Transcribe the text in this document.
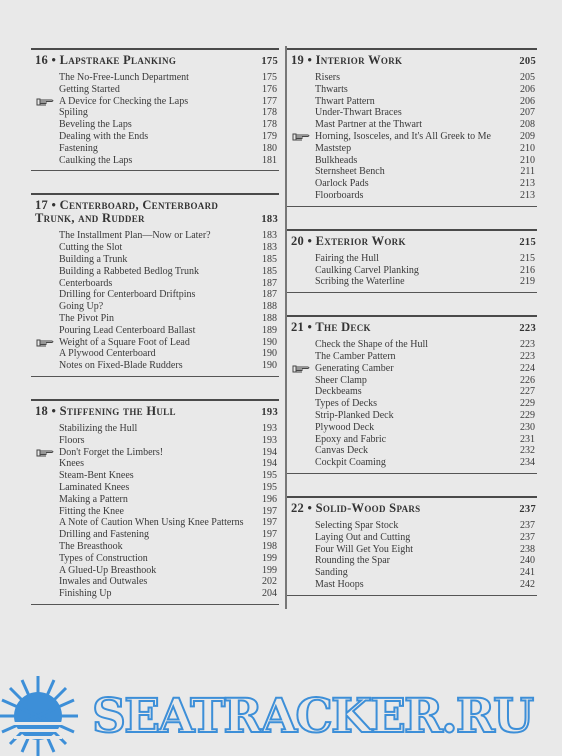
16 • Lapstrake Planking	175
The No-Free-Lunch Department	175
Getting Started	176
A Device for Checking the Laps	177
Spiling	178
Beveling the Laps	178
Dealing with the Ends	179
Fastening	180
Caulking the Laps	181
17 • Centerboard, Centerboard
Trunk, and Rudder	183
The Installment Plan—Now or Later?	183
Cutting the Slot	183
Building a Trunk	185
Building a Rabbeted Bedlog Trunk	185
Centerboards	187
Drilling for Centerboard Driftpins	187
Going Up?	188
The Pivot Pin	188
Pouring Lead Centerboard Ballast	189
Weight of a Square Foot of Lead	190
A Plywood Centerboard	190
Notes on Fixed-Blade Rudders	190
18 • Stiffening the Hull	193
Stabilizing the Hull	193
Floors	193
Don't Forget the Limbers!	194
Knees	194
Steam-Bent Knees	195
Laminated Knees	195
Making a Pattern	196
Fitting the Knee	197
A Note of Caution When Using Knee Patterns 197
Drilling and Fastening	197
The Breasthook	198
Types of Construction	199
A Glued-Up Breasthook	199
Inwales and Outwales	202
Finishing Up	204
19 • Interior Work	205
Risers	205
Thwarts	206
Thwart Pattern	206
Under-Thwart Braces	207
Mast Partner at the Thwart	208
Horning, Isosceles, and It's All Greek to Me	209
Maststep	210
Bulkheads	210
Sternsheet Bench	211
Oarlock Pads	213
Floorboards	213
20 • Exterior Work	215
Fairing the Hull	215
Caulking Carvel Planking	216
Scribing the Waterline	219
21 • The Deck	223
Check the Shape of the Hull	223
The Camber Pattern	223
Generating Camber	224
Sheer Clamp	226
Deckbeams	227
Types of Decks	229
Strip-Planked Deck	229
Plywood Deck	230
Epoxy and Fabric	231
Canvas Deck	232
Cockpit Coaming	234
22 • Solid-Wood Spars	237
Selecting Spar Stock	237
Laying Out and Cutting	237
Four Will Get You Eight	238
Rounding the Spar	240
Sanding	241
Mast Hoops	242
SEATRACKER.RU
